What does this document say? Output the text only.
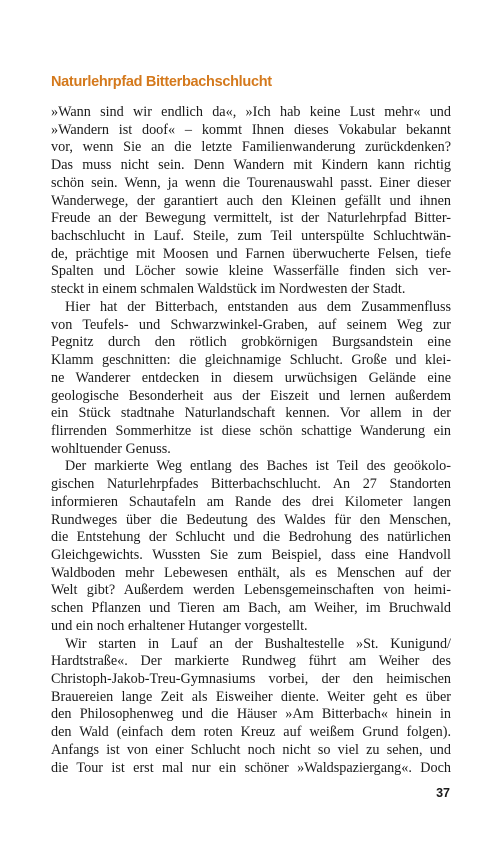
Naturlehrpfad Bitterbachschlucht
»Wann sind wir endlich da«, »Ich hab keine Lust mehr« und
»Wandern ist doof« – kommt Ihnen dieses Vokabular bekannt
vor, wenn Sie an die letzte Familienwanderung zurückdenken?
Das muss nicht sein. Denn Wandern mit Kindern kann richtig
schön sein. Wenn, ja wenn die Tourenauswahl passt. Einer dieser
Wanderwege, der garantiert auch den Kleinen gefällt und ihnen
Freude an der Bewegung vermittelt, ist der Naturlehrpfad Bitter-
bachschlucht in Lauf. Steile, zum Teil unterspülte Schluchtwän-
de, prächtige mit Moosen und Farnen überwucherte Felsen, tiefe
Spalten und Löcher sowie kleine Wasserfälle finden sich ver-
steckt in einem schmalen Waldstück im Nordwesten der Stadt.
Hier hat der Bitterbach, entstanden aus dem Zusammenfluss
von Teufels- und Schwarzwinkel-Graben, auf seinem Weg zur
Pegnitz durch den rötlich grobkörnigen Burgsandstein eine
Klamm geschnitten: die gleichnamige Schlucht. Große und klei-
ne Wanderer entdecken in diesem urwüchsigen Gelände eine
geologische Besonderheit aus der Eiszeit und lernen außerdem
ein Stück stadtnahe Naturlandschaft kennen. Vor allem in der
flirrenden Sommerhitze ist diese schön schattige Wanderung ein
wohltuender Genuss.
Der markierte Weg entlang des Baches ist Teil des geoökolo-
gischen Naturlehrpfades Bitterbachschlucht. An 27 Standorten
informieren Schautafeln am Rande des drei Kilometer langen
Rundweges über die Bedeutung des Waldes für den Menschen,
die Entstehung der Schlucht und die Bedrohung des natürlichen
Gleichgewichts. Wussten Sie zum Beispiel, dass eine Handvoll
Waldboden mehr Lebewesen enthält, als es Menschen auf der
Welt gibt? Außerdem werden Lebensgemeinschaften von heimi-
schen Pflanzen und Tieren am Bach, am Weiher, im Bruchwald
und ein noch erhaltener Hutanger vorgestellt.
Wir starten in Lauf an der Bushaltestelle »St. Kunigund/
Hardtstraße«. Der markierte Rundweg führt am Weiher des
Christoph-Jakob-Treu-Gymnasiums vorbei, der den heimischen
Brauereien lange Zeit als Eisweiher diente. Weiter geht es über
den Philosophenweg und die Häuser »Am Bitterbach« hinein in
den Wald (einfach dem roten Kreuz auf weißem Grund folgen).
Anfangs ist von einer Schlucht noch nicht so viel zu sehen, und
die Tour ist erst mal nur ein schöner »Waldspaziergang«. Doch
37
